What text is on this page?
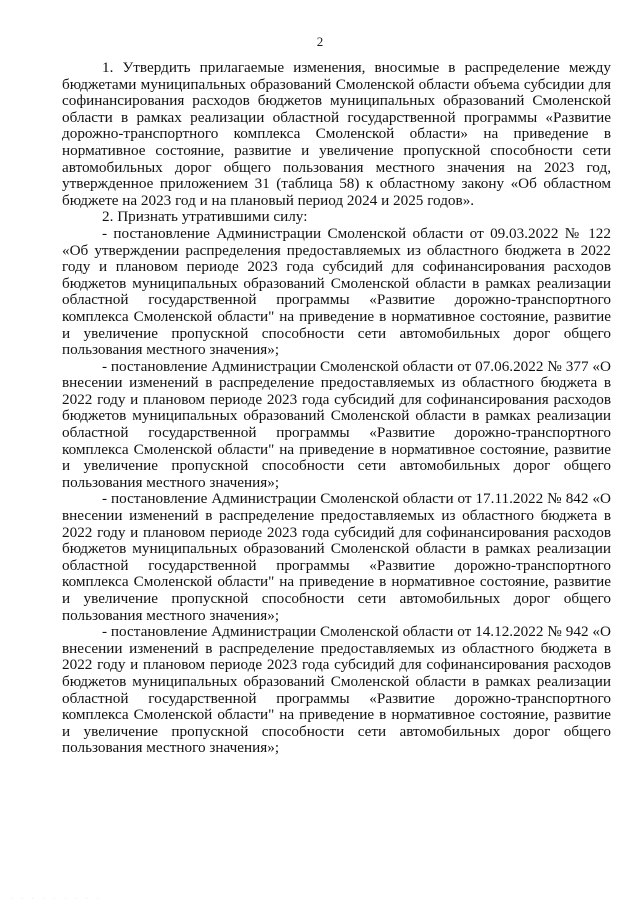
2

1. Утвердить прилагаемые изменения, вносимые в распределение между бюджетами муниципальных образований Смоленской области объема субсидии для софинансирования расходов бюджетов муниципальных образований Смоленской области в рамках реализации областной государственной программы «Развитие дорожно-транспортного комплекса Смоленской области» на приведение в нормативное состояние, развитие и увеличение пропускной способности сети автомобильных дорог общего пользования местного значения на 2023 год, утвержденное приложением 31 (таблица 58) к областному закону «Об областном бюджете на 2023 год и на плановый период 2024 и 2025 годов».

2. Признать утратившими силу:

- постановление Администрации Смоленской области от 09.03.2022 № 122 «Об утверждении распределения предоставляемых из областного бюджета в 2022 году и плановом периоде 2023 года субсидий для софинансирования расходов бюджетов муниципальных образований Смоленской области в рамках реализации областной государственной программы «Развитие дорожно-транспортного комплекса Смоленской области" на приведение в нормативное состояние, развитие и увеличение пропускной способности сети автомобильных дорог общего пользования местного значения»;

- постановление Администрации Смоленской области от 07.06.2022 № 377 «О внесении изменений в распределение предоставляемых из областного бюджета в 2022 году и плановом периоде 2023 года субсидий для софинансирования расходов бюджетов муниципальных образований Смоленской области в рамках реализации областной государственной программы «Развитие дорожно-транспортного комплекса Смоленской области" на приведение в нормативное состояние, развитие и увеличение пропускной способности сети автомобильных дорог общего пользования местного значения»;

- постановление Администрации Смоленской области от 17.11.2022 № 842 «О внесении изменений в распределение предоставляемых из областного бюджета в 2022 году и плановом периоде 2023 года субсидий для софинансирования расходов бюджетов муниципальных образований Смоленской области в рамках реализации областной государственной программы «Развитие дорожно-транспортного комплекса Смоленской области" на приведение в нормативное состояние, развитие и увеличение пропускной способности сети автомобильных дорог общего пользования местного значения»;

- постановление Администрации Смоленской области от 14.12.2022 № 942 «О внесении изменений в распределение предоставляемых из областного бюджета в 2022 году и плановом периоде 2023 года субсидий для софинансирования расходов бюджетов муниципальных образований Смоленской области в рамках реализации областной государственной программы «Развитие дорожно-транспортного комплекса Смоленской области" на приведение в нормативное состояние, развитие и увеличение пропускной способности сети автомобильных дорог общего пользования местного значения»;

. . . . . . . . .
